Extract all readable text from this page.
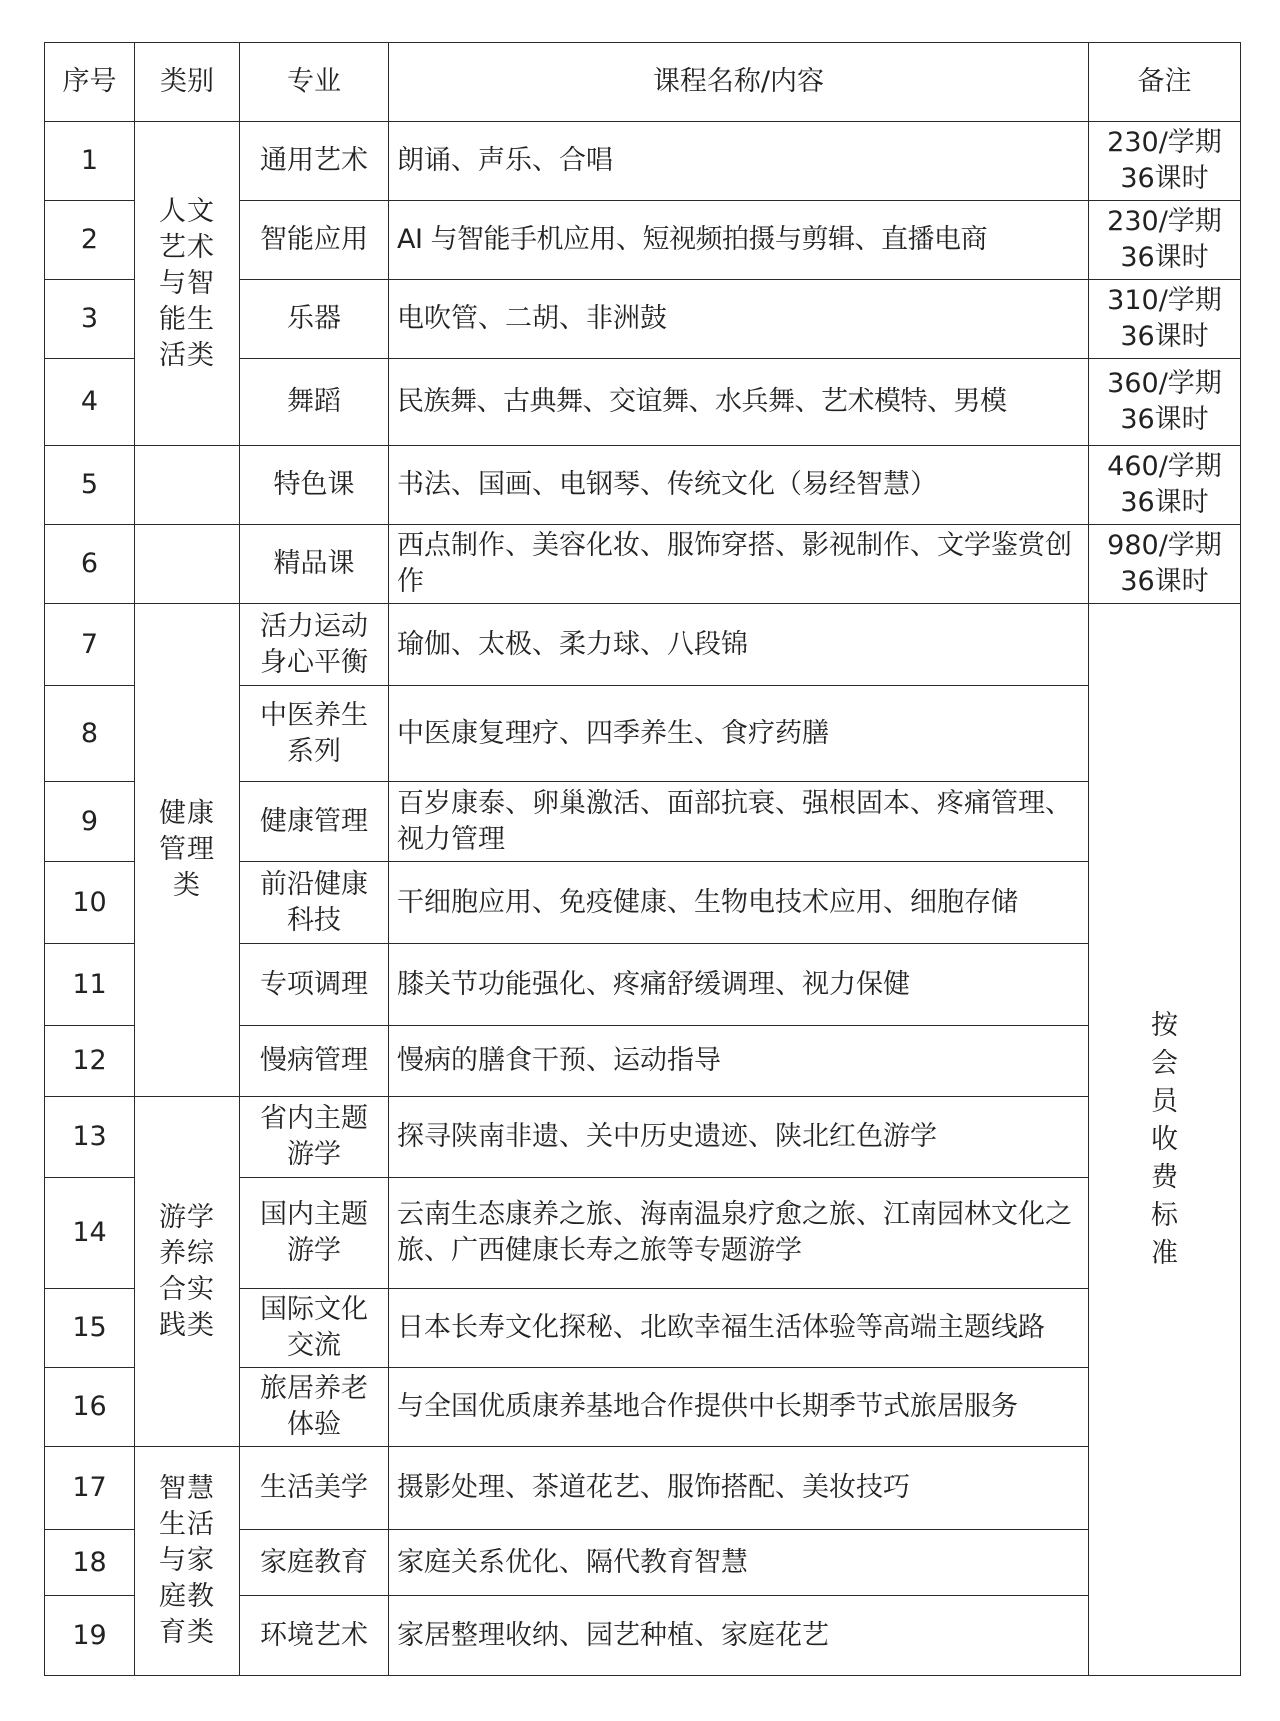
序号	类别	专业	课程名称/内容	备注
1	人文艺术与智能生活类	通用艺术	朗诵、声乐、合唱	230/学期
36课时

2		智能应用	AI 与智能手机应用、短视频拍摄与剪辑、直播电商	230/学期
36课时

3		乐器	电吹管、二胡、非洲鼓	310/学期
36课时

4		舞蹈	民族舞、古典舞、交谊舞、水兵舞、艺术模特、男模	360/学期
36课时

5		特色课	书法、国画、电钢琴、传统文化（易经智慧）	460/学期
36课时

6		精品课	西点制作、美容化妆、服饰穿搭、影视制作、文学鉴赏创作	980/学期
36课时

7	健康管理类	活力运动身心平衡	瑜伽、太极、柔力球、八段锦	按会员收费标准

8		中医养生系列	中医康复理疗、四季养生、食疗药膳	
9		健康管理	百岁康泰、卵巢激活、面部抗衰、强根固本、疼痛管理、视力管理	
10		前沿健康科技	干细胞应用、免疫健康、生物电技术应用、细胞存储	
11		专项调理	膝关节功能强化、疼痛舒缓调理、视力保健	
12		慢病管理	慢病的膳食干预、运动指导	
13	游学养综合实践类	省内主题游学	探寻陕南非遗、关中历史遗迹、陕北红色游学	
14		国内主题游学	云南生态康养之旅、海南温泉疗愈之旅、江南园林文化之旅、广西健康长寿之旅等专题游学	
15		国际文化交流	日本长寿文化探秘、北欧幸福生活体验等高端主题线路	
16		旅居养老体验	与全国优质康养基地合作提供中长期季节式旅居服务	
17	智慧生活与家庭教育类	生活美学	摄影处理、茶道花艺、服饰搭配、美妆技巧	
18		家庭教育	家庭关系优化、隔代教育智慧	
19		环境艺术	家居整理收纳、园艺种植、家庭花艺	
